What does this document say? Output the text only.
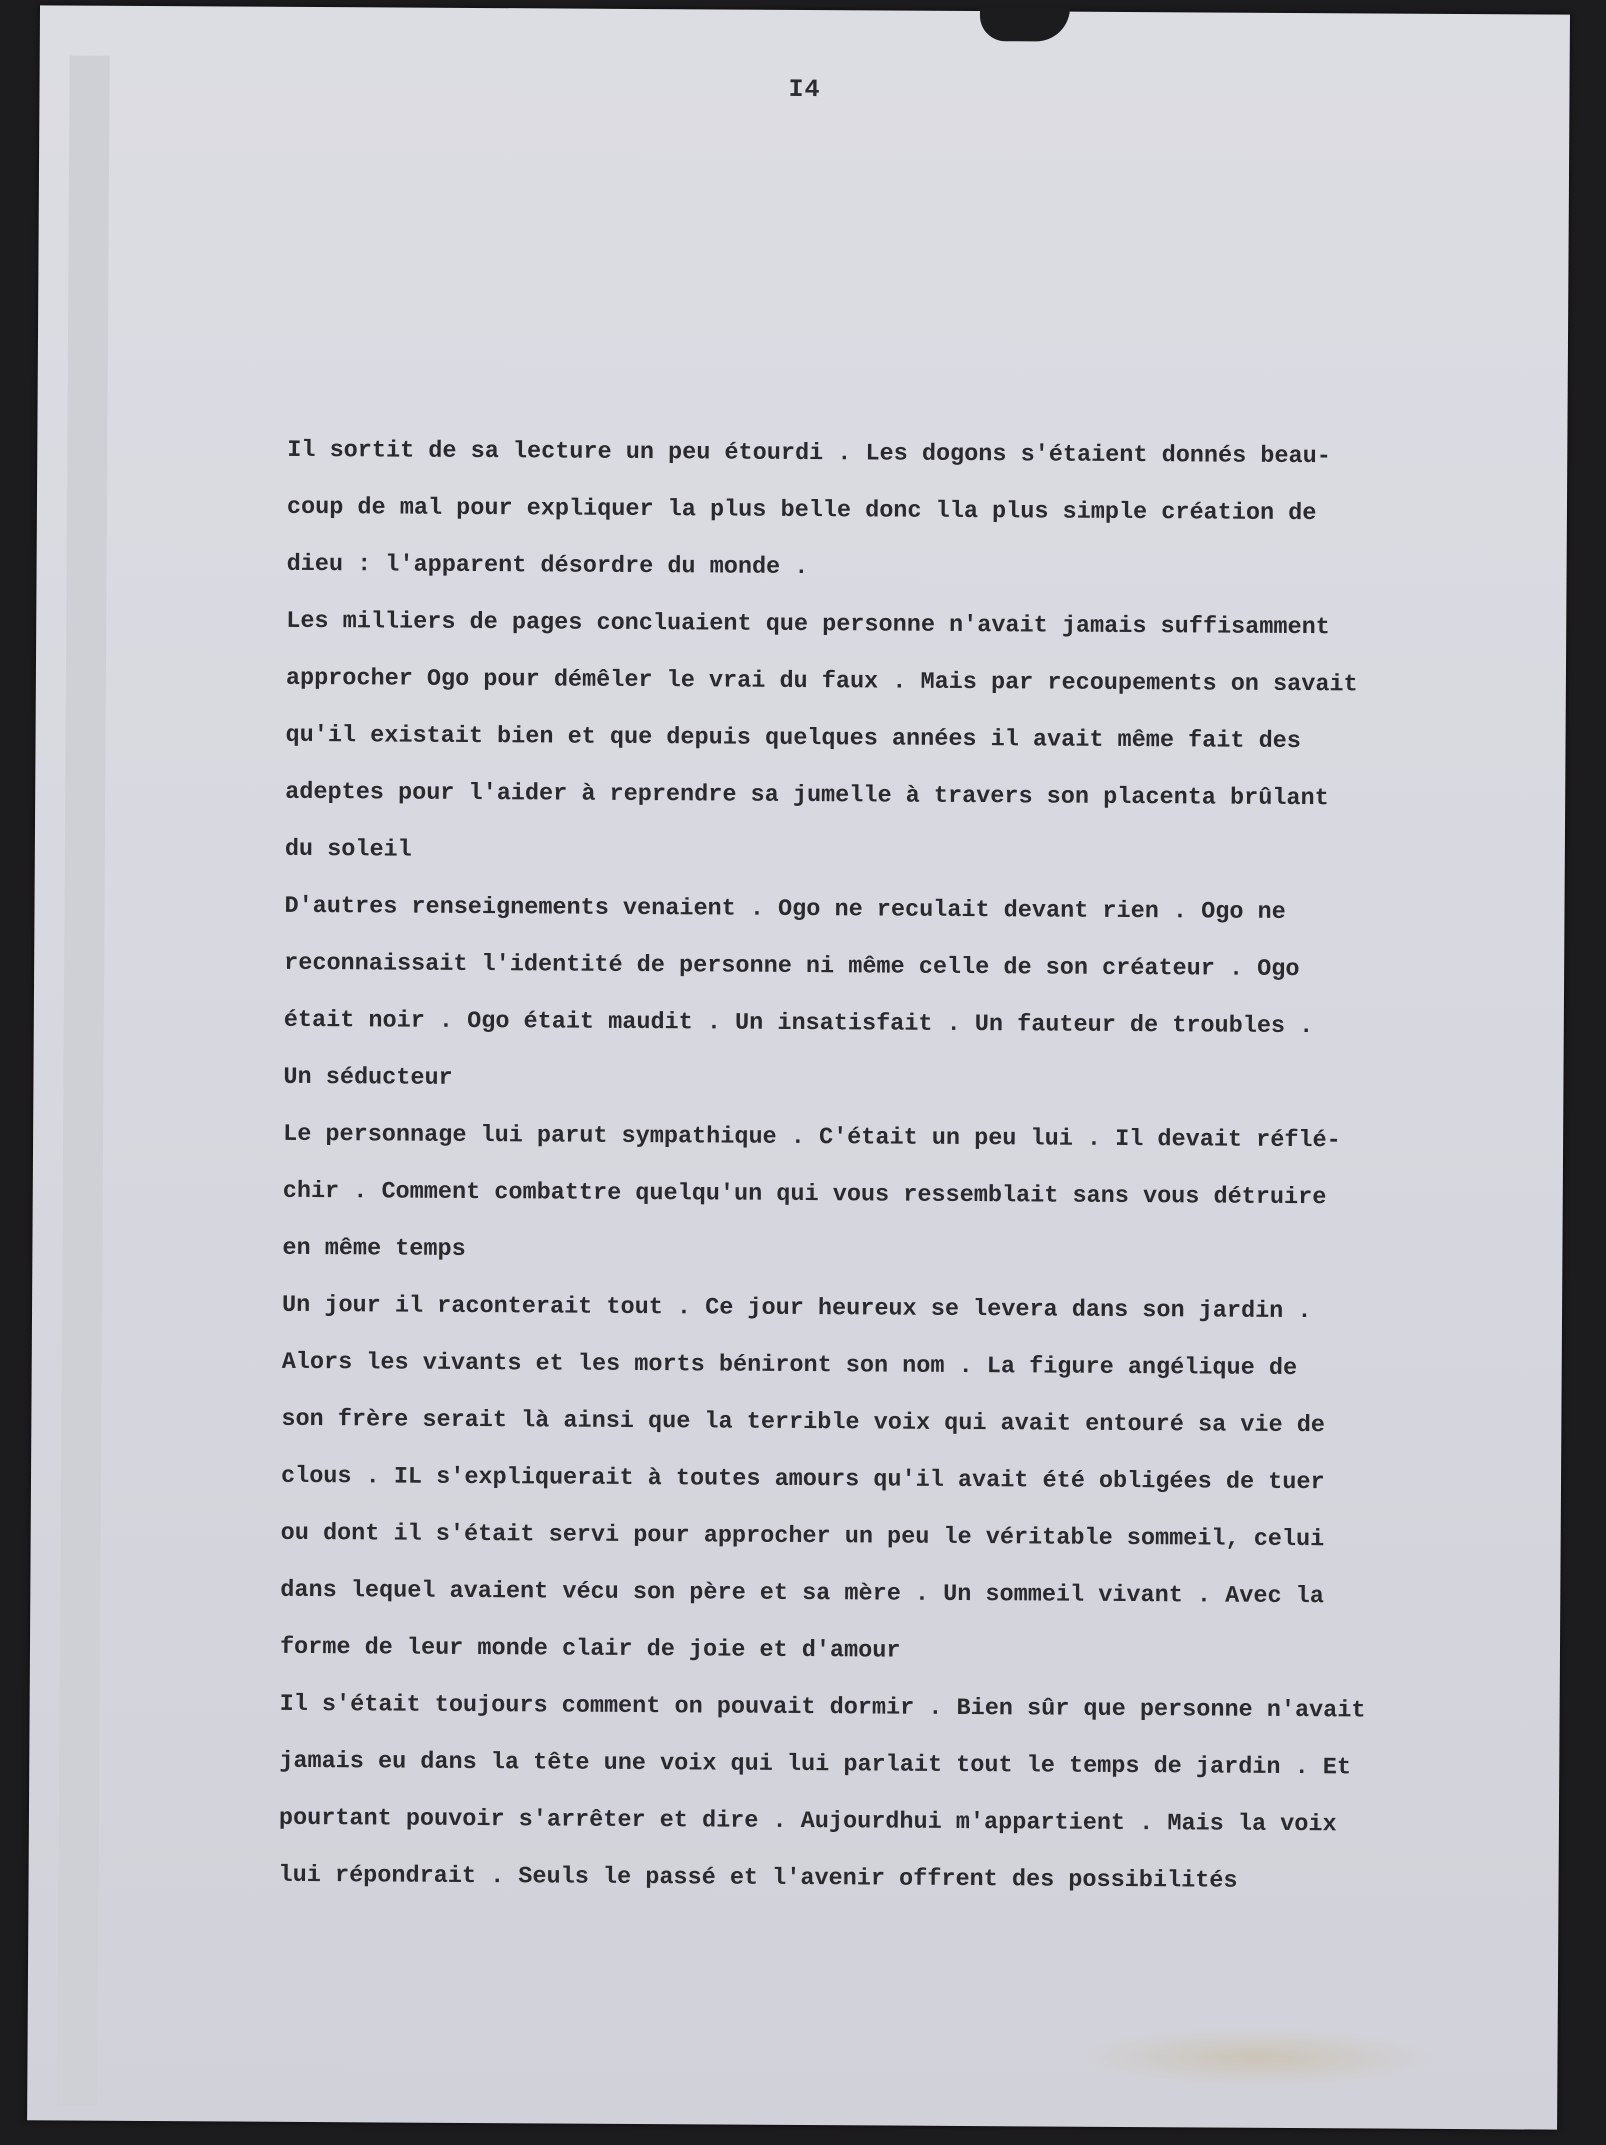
I4

Il sortit de sa lecture un peu étourdi . Les dogons s'étaient donnés beau-
coup de mal pour expliquer la plus belle donc lla plus simple création de
dieu : l'apparent désordre du monde .

Les milliers de pages concluaient que personne n'avait jamais suffisamment
approcher Ogo pour démêler le vrai du faux . Mais par recoupements on savait
qu'il existait bien et que depuis quelques années il avait même fait des
adeptes pour l'aider à reprendre sa jumelle à travers son placenta brûlant
du soleil

D'autres renseignements venaient . Ogo ne reculait devant rien . Ogo ne
reconnaissait l'identité de personne ni même celle de son créateur . Ogo
était noir . Ogo était maudit . Un insatisfait . Un fauteur de troubles .
Un séducteur

Le personnage lui parut sympathique . C'était un peu lui . Il devait réflé-
chir . Comment combattre quelqu'un qui vous ressemblait sans vous détruire
en même temps

Un jour il raconterait tout . Ce jour heureux se levera dans son jardin .
Alors les vivants et les morts béniront son nom . La figure angélique de
son frère serait là ainsi que la terrible voix qui avait entouré sa vie de
clous . IL s'expliquerait à toutes amours qu'il avait été obligées de tuer
ou dont il s'était servi pour approcher un peu le véritable sommeil, celui
dans lequel avaient vécu son père et sa mère . Un sommeil vivant . Avec la
forme de leur monde clair de joie et d'amour

Il s'était toujours comment on pouvait dormir . Bien sûr que personne n'avait
jamais eu dans la tête une voix qui lui parlait tout le temps de jardin . Et
pourtant pouvoir s'arrêter et dire . Aujourdhui m'appartient . Mais la voix
lui répondrait . Seuls le passé et l'avenir offrent des possibilités
